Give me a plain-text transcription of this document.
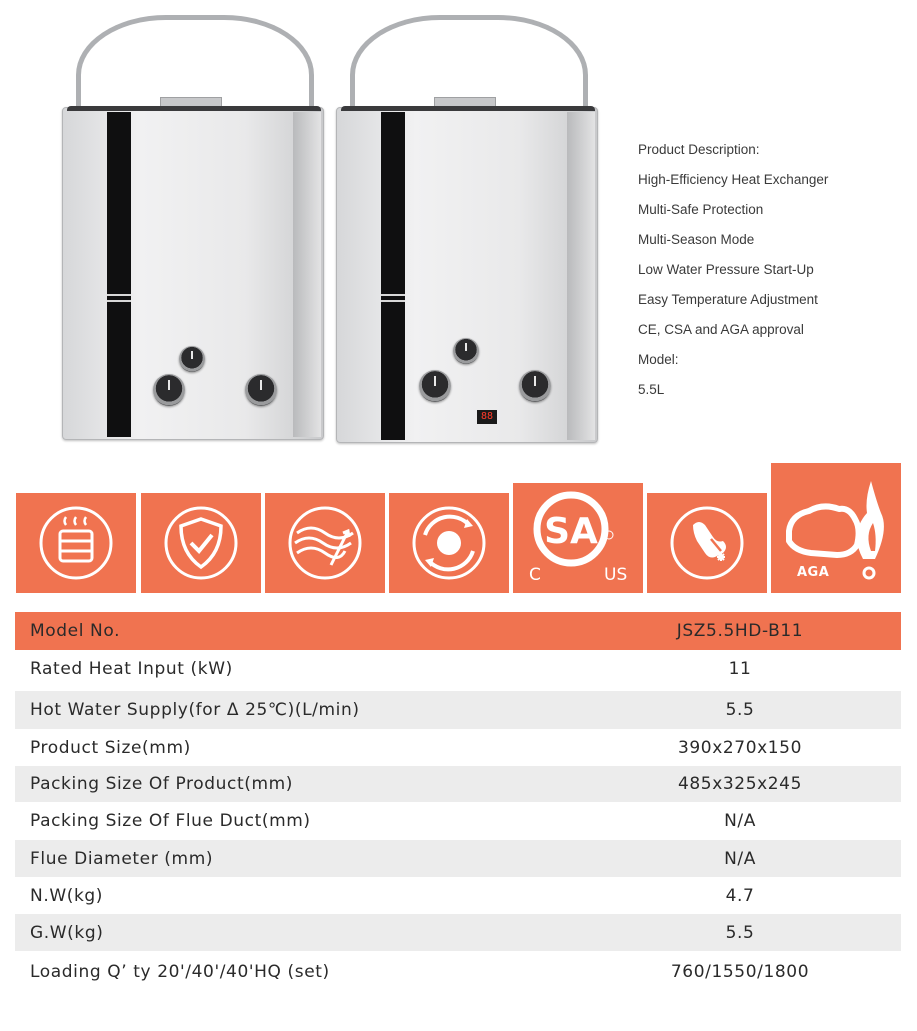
88
Product Description:
High-Efficiency Heat Exchanger
Multi-Safe Protection
Multi-Season Mode
Low Water Pressure Start-Up
Easy Temperature Adjustment
CE, CSA and AGA approval
Model:
5.5L
SA
C	US	AGA
Model No.	JSZ5.5HD-B11
Rated Heat Input (kW)	11
Hot Water Supply(for Δ 25℃)(L/min)	5.5
Product Size(mm)	390x270x150
Packing Size Of Product(mm)	485x325x245
Packing Size Of Flue Duct(mm)	N/A
Flue Diameter (mm)	N/A
N.W(kg)	4.7
G.W(kg)	5.5
Loading Q’ ty 20'/40'/40'HQ (set)	760/1550/1800
